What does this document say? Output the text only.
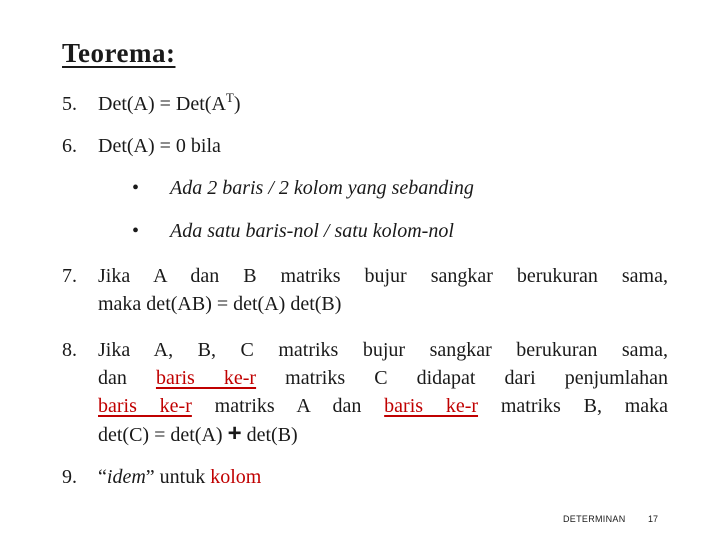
Teorema:
5.	$Det(A) = Det(A^T)$
6.	Det(A) = 0 bila
• Ada 2 baris / 2 kolom yang sebanding
• Ada satu baris-nol / satu kolom-nol
7.	Jika A dan B matriks bujur sangkar berukuran sama,
maka det(AB) = det(A) det(B)
8.	Jika A, B, C matriks bujur sangkar berukuran sama,
dan baris ke-r matriks C didapat dari penjumlahan
baris ke-r matriks A dan baris ke-r matriks B, maka
det(C) = det(A) + det(B)
9.	“idem” untuk kolom
DETERMINAN 17
